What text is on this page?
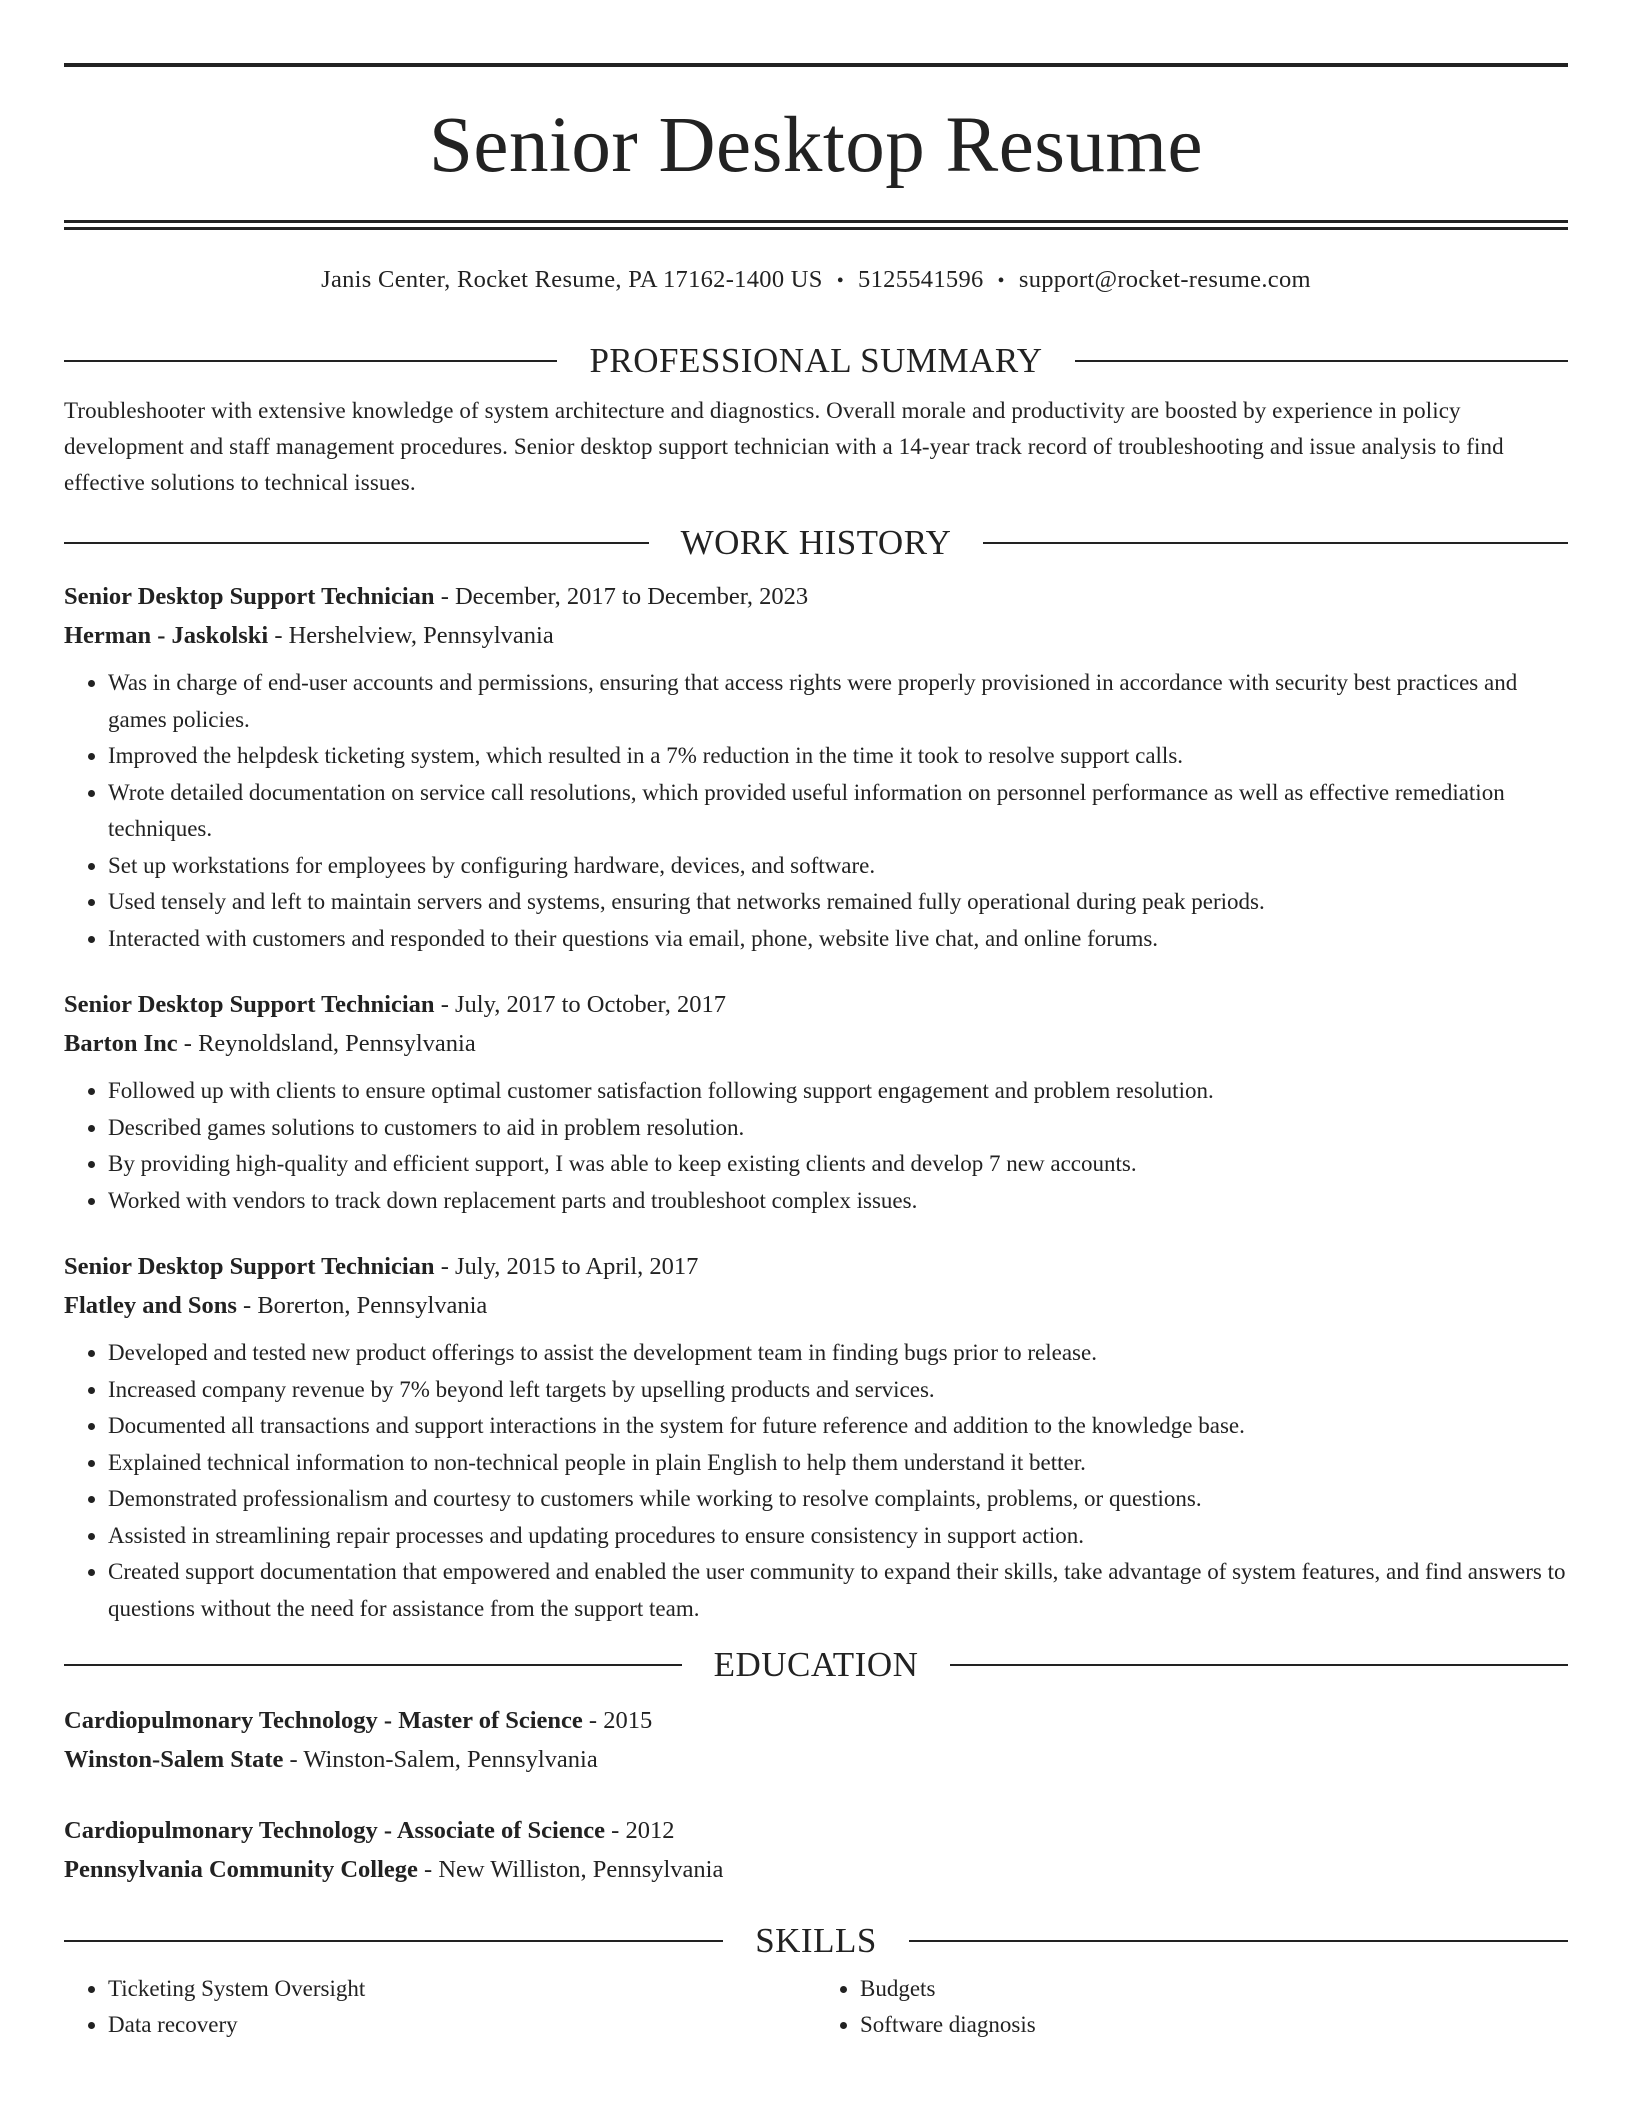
Senior Desktop Resume
Janis Center, Rocket Resume, PA 17162-1400 US • 5125541596 • support@rocket-resume.com
PROFESSIONAL SUMMARY
Troubleshooter with extensive knowledge of system architecture and diagnostics. Overall morale and productivity are boosted by experience in policy development and staff management procedures. Senior desktop support technician with a 14-year track record of troubleshooting and issue analysis to find effective solutions to technical issues.
WORK HISTORY
Senior Desktop Support Technician - December, 2017 to December, 2023
Herman - Jaskolski - Hershelview, Pennsylvania
• Was in charge of end-user accounts and permissions, ensuring that access rights were properly provisioned in accordance with security best practices and games policies.
• Improved the helpdesk ticketing system, which resulted in a 7% reduction in the time it took to resolve support calls.
• Wrote detailed documentation on service call resolutions, which provided useful information on personnel performance as well as effective remediation techniques.
• Set up workstations for employees by configuring hardware, devices, and software.
• Used tensely and left to maintain servers and systems, ensuring that networks remained fully operational during peak periods.
• Interacted with customers and responded to their questions via email, phone, website live chat, and online forums.
Senior Desktop Support Technician - July, 2017 to October, 2017
Barton Inc - Reynoldsland, Pennsylvania
• Followed up with clients to ensure optimal customer satisfaction following support engagement and problem resolution.
• Described games solutions to customers to aid in problem resolution.
• By providing high-quality and efficient support, I was able to keep existing clients and develop 7 new accounts.
• Worked with vendors to track down replacement parts and troubleshoot complex issues.
Senior Desktop Support Technician - July, 2015 to April, 2017
Flatley and Sons - Borerton, Pennsylvania
• Developed and tested new product offerings to assist the development team in finding bugs prior to release.
• Increased company revenue by 7% beyond left targets by upselling products and services.
• Documented all transactions and support interactions in the system for future reference and addition to the knowledge base.
• Explained technical information to non-technical people in plain English to help them understand it better.
• Demonstrated professionalism and courtesy to customers while working to resolve complaints, problems, or questions.
• Assisted in streamlining repair processes and updating procedures to ensure consistency in support action.
• Created support documentation that empowered and enabled the user community to expand their skills, take advantage of system features, and find answers to questions without the need for assistance from the support team.
EDUCATION
Cardiopulmonary Technology - Master of Science - 2015
Winston-Salem State - Winston-Salem, Pennsylvania
Cardiopulmonary Technology - Associate of Science - 2012
Pennsylvania Community College - New Williston, Pennsylvania
SKILLS
• Ticketing System Oversight
• Data recovery
• Budgets
• Software diagnosis
